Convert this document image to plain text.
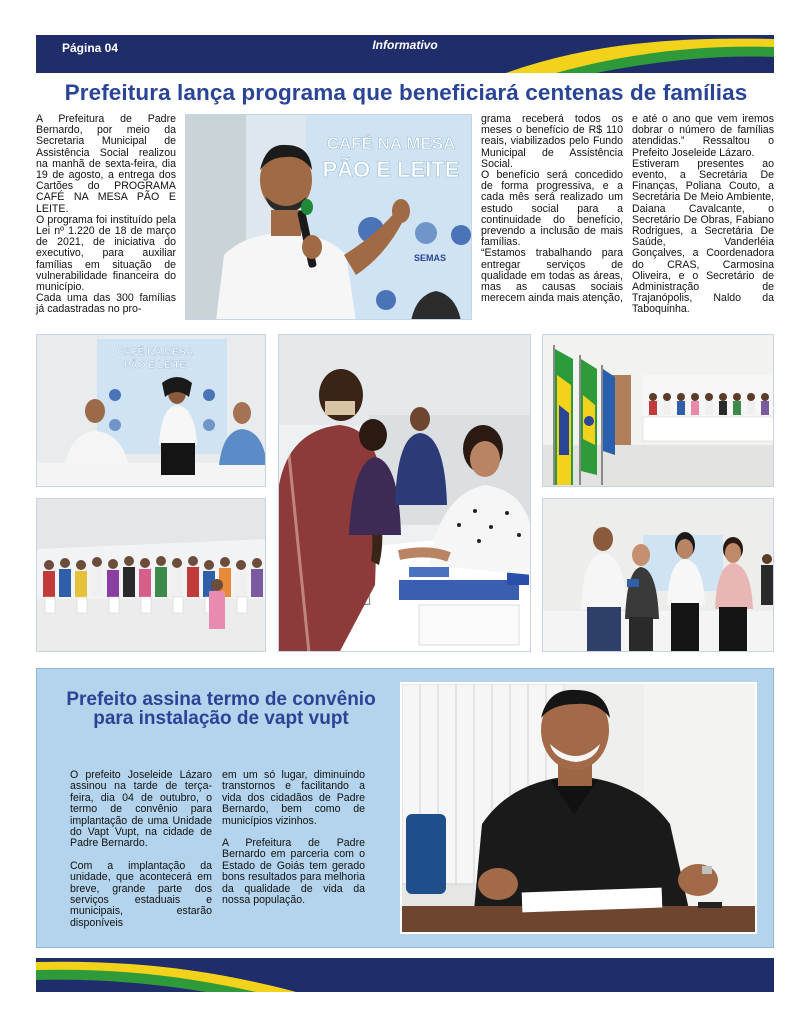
Página 04	Informativo
Prefeitura lança programa que beneficiará centenas de famílias

A Prefeitura de Padre Bernardo, por meio da Secretaria Municipal de Assistência Social realizou na manhã de sexta-feira, dia 19 de agosto, a entrega dos Cartões do PROGRAMA CAFÉ NA MESA PÃO E LEITE.

O programa foi instituído pela Lei nº 1.220 de 18 de março de 2021, de iniciativa do executivo, para auxiliar famílias em situação de vulnerabilidade financeira do município.

Cada uma das 300 famílias já cadastradas no pro-

CAFÉ NA MESA
PÃO E LEITE
SEMAS

grama receberá todos os meses o benefício de R$ 110 reais, viabilizados pelo Fundo Municipal de Assistência Social.

O benefício será concedido de forma progressiva, e a cada mês será realizado um estudo social para a continuidade do benefício, prevendo a inclusão de mais famílias.

“Estamos trabalhando para entregar serviços de qualidade em todas as áreas, mas as causas sociais merecem ainda mais atenção,

e até o ano que vem iremos dobrar o número de famílias atendidas.” Ressaltou o Prefeito Joseleide Lázaro.

Estiveram presentes ao evento, a Secretária De Finanças, Poliana Couto, a Secretária De Meio Ambiente, Daiana Cavalcante, o Secretário De Obras, Fabiano Rodrigues, a Secretária De Saúde, Vanderléia Gonçalves, a Coordenadora do CRAS, Carmosina Oliveira, e o Secretário de Administração de Trajanópolis, Naldo da Taboquinha.

CAFÉ NA MESA
PÃO E LEITE
Prefeito assina termo de convênio para instalação de vapt vupt

O prefeito Joseleide Lázaro assinou na tarde de terça-feira, dia 04 de outubro, o termo de convênio para implantação de uma Unidade do Vapt Vupt, na cidade de Padre Bernardo.

Com a implantação da unidade, que acontecerá em breve, grande parte dos serviços estaduais e municipais, estarão disponíveis

em um só lugar, diminuindo transtornos e facilitando a vida dos cidadãos de Padre Bernardo, bem como de municípios vizinhos.

A Prefeitura de Padre Bernardo em parceria com o Estado de Goiás tem gerado bons resultados para melhoria da qualidade de vida da nossa população.
